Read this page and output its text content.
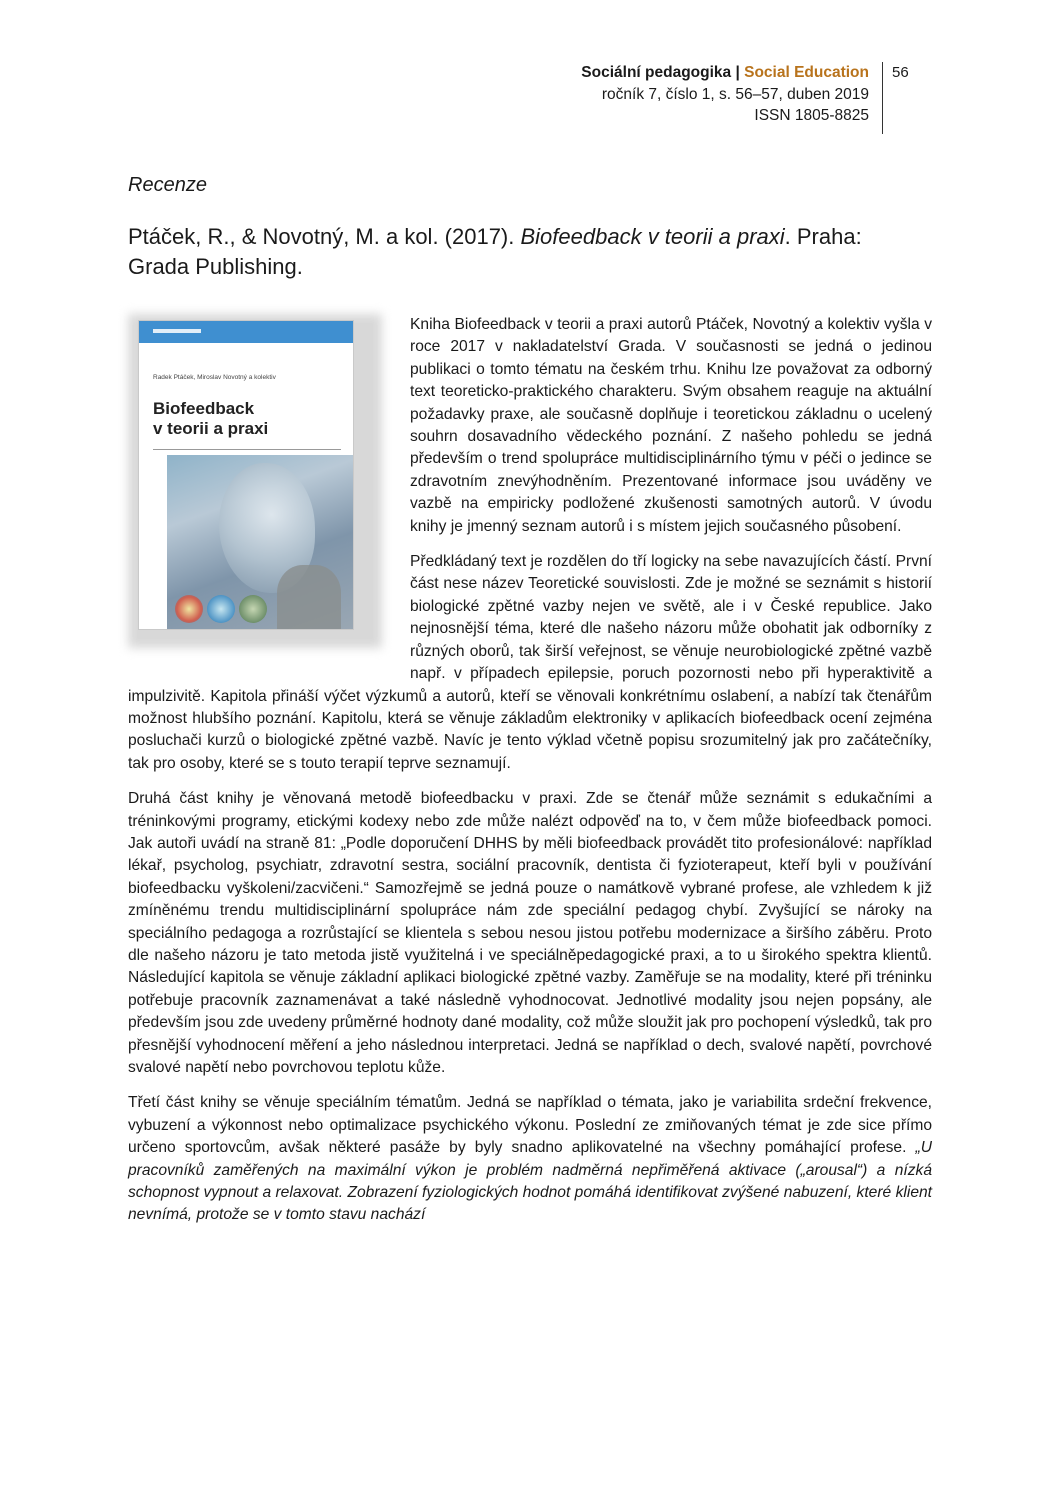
Sociální pedagogika | Social Education
ročník 7, číslo 1, s. 56–57, duben 2019
ISSN 1805-8825
56
Recenze
Ptáček, R., & Novotný, M. a kol. (2017). Biofeedback v teorii a praxi. Praha: Grada Publishing.
Radek Ptáček, Miroslav Novotný a kolektiv
Biofeedback
v teorii a praxi

Kniha Biofeedback v teorii a praxi autorů Ptáček, Novotný a kolektiv vyšla v roce 2017 v nakladatelství Grada. V současnosti se jedná o jedinou publikaci o tomto tématu na českém trhu. Knihu lze považovat za odborný text teoreticko-praktického charakteru. Svým obsahem reaguje na aktuální požadavky praxe, ale současně doplňuje i teoretickou základnu o ucelený souhrn dosavadního vědeckého poznání. Z našeho pohledu se jedná především o trend spolupráce multidisciplinárního týmu v péči o jedince se zdravotním znevýhodněním. Prezentované informace jsou uváděny ve vazbě na empiricky podložené zkušenosti samotných autorů. V úvodu knihy je jmenný seznam autorů i s místem jejich současného působení.

Předkládaný text je rozdělen do tří logicky na sebe navazujících částí. První část nese název Teoretické souvislosti. Zde je možné se seznámit s historií biologické zpětné vazby nejen ve světě, ale i v České republice. Jako nejnosnější téma, které dle našeho názoru může obohatit jak odborníky z různých oborů, tak širší veřejnost, se věnuje neurobiologické zpětné vazbě např. v případech epilepsie, poruch pozornosti nebo při hyperaktivitě a impulzivitě. Kapitola přináší výčet výzkumů a autorů, kteří se věnovali konkrétnímu oslabení, a nabízí tak čtenářům možnost hlubšího poznání. Kapitolu, která se věnuje základům elektroniky v aplikacích biofeedback ocení zejména posluchači kurzů o biologické zpětné vazbě. Navíc je tento výklad včetně popisu srozumitelný jak pro začátečníky, tak pro osoby, které se s touto terapií teprve seznamují.

Druhá část knihy je věnovaná metodě biofeedbacku v praxi. Zde se čtenář může seznámit s edukačními a tréninkovými programy, etickými kodexy nebo zde může nalézt odpověď na to, v čem může biofeedback pomoci. Jak autoři uvádí na straně 81: „Podle doporučení DHHS by měli biofeedback provádět tito profesionálové: například lékař, psycholog, psychiatr, zdravotní sestra, sociální pracovník, dentista či fyzioterapeut, kteří byli v používání biofeedbacku vyškoleni/zacvičeni.“ Samozřejmě se jedná pouze o namátkově vybrané profese, ale vzhledem k již zmíněnému trendu multidisciplinární spolupráce nám zde speciální pedagog chybí. Zvyšující se nároky na speciálního pedagoga a rozrůstající se klientela s sebou nesou jistou potřebu modernizace a širšího záběru. Proto dle našeho názoru je tato metoda jistě využitelná i ve speciálněpedagogické praxi, a to u širokého spektra klientů. Následující kapitola se věnuje základní aplikaci biologické zpětné vazby. Zaměřuje se na modality, které při tréninku potřebuje pracovník zaznamenávat a také následně vyhodnocovat. Jednotlivé modality jsou nejen popsány, ale především jsou zde uvedeny průměrné hodnoty dané modality, což může sloužit jak pro pochopení výsledků, tak pro přesnější vyhodnocení měření a jeho následnou interpretaci. Jedná se například o dech, svalové napětí, povrchové svalové napětí nebo povrchovou teplotu kůže.

Třetí část knihy se věnuje speciálním tématům. Jedná se například o témata, jako je variabilita srdeční frekvence, vybuzení a výkonnost nebo optimalizace psychického výkonu. Poslední ze zmiňovaných témat je zde sice přímo určeno sportovcům, avšak některé pasáže by byly snadno aplikovatelné na všechny pomáhající profese. „U pracovníků zaměřených na maximální výkon je problém nadměrná nepřiměřená aktivace („arousal“) a nízká schopnost vypnout a relaxovat. Zobrazení fyziologických hodnot pomáhá identifikovat zvýšené nabuzení, které klient nevnímá, protože se v tomto stavu nachází
